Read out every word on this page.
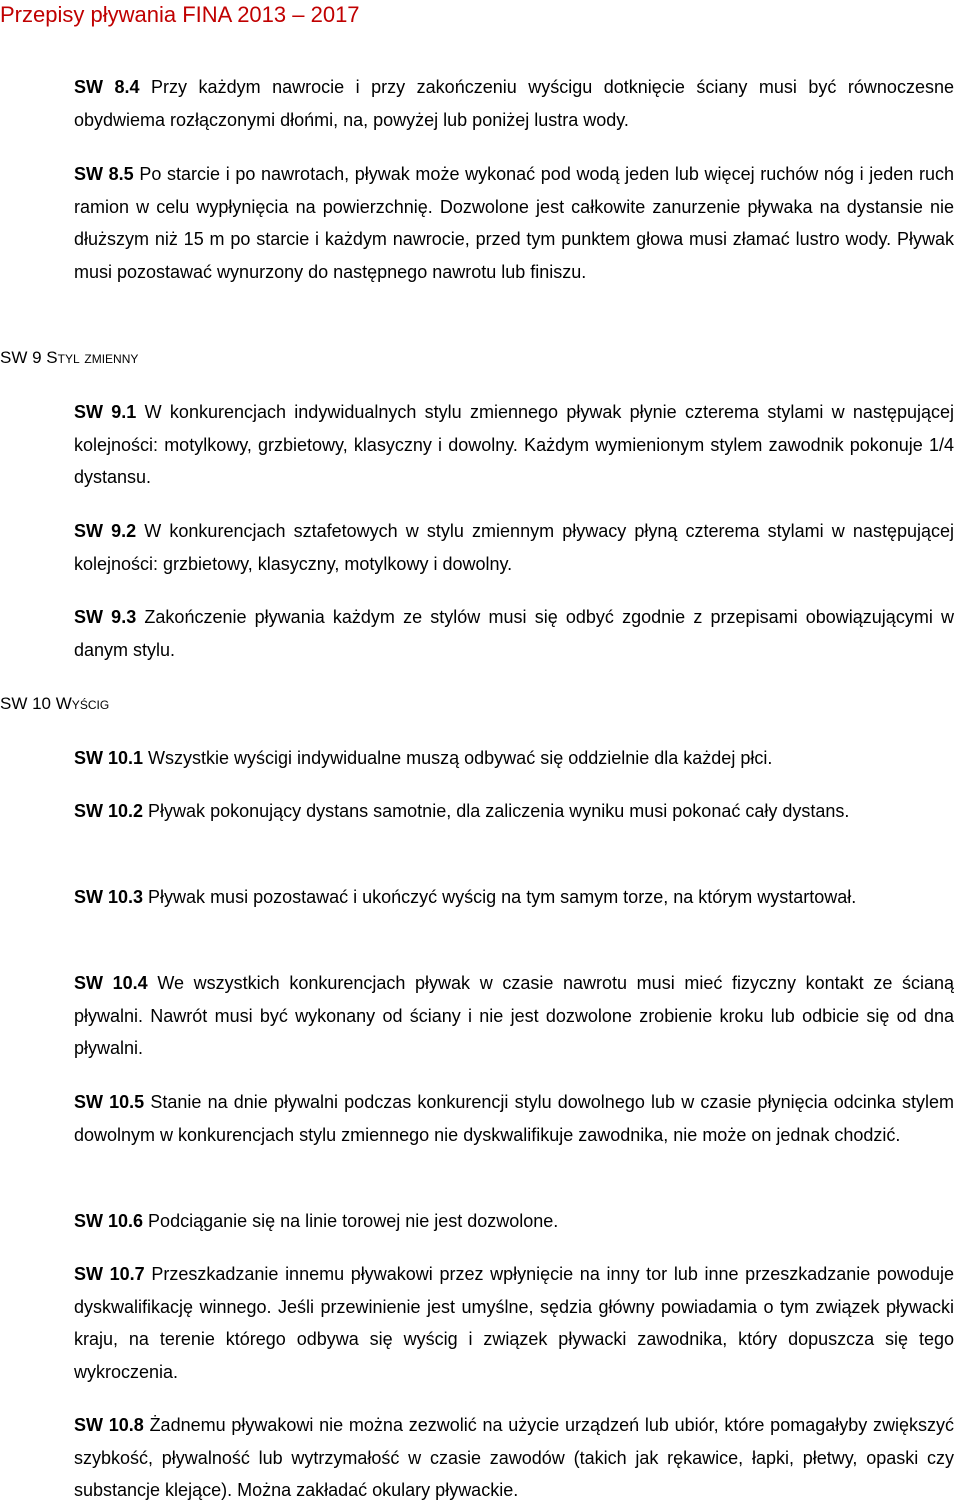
Przepisy pływania FINA 2013 – 2017

SW 8.4 Przy każdym nawrocie i przy zakończeniu wyścigu dotknięcie ściany musi być równoczesne obydwiema rozłączonymi dłońmi, na, powyżej lub poniżej lustra wody.

SW 8.5 Po starcie i po nawrotach, pływak może wykonać pod wodą jeden lub więcej ruchów nóg i jeden ruch ramion w celu wypłynięcia na powierzchnię. Dozwolone jest całkowite zanurzenie pływaka na dystansie nie dłuższym niż 15 m po starcie i każdym nawrocie, przed tym punktem głowa musi złamać lustro wody. Pływak musi pozostawać wynurzony do następnego nawrotu lub finiszu.

SW 9 Styl zmienny

SW 9.1 W konkurencjach indywidualnych stylu zmiennego pływak płynie czterema stylami w następującej kolejności: motylkowy, grzbietowy, klasyczny i dowolny. Każdym wymienionym stylem zawodnik pokonuje 1/4 dystansu.

SW 9.2 W konkurencjach sztafetowych w stylu zmiennym pływacy płyną czterema stylami w następującej kolejności: grzbietowy, klasyczny, motylkowy i dowolny.

SW 9.3 Zakończenie pływania każdym ze stylów musi się odbyć zgodnie z przepisami obowiązującymi w danym stylu.

SW 10 Wyścig

SW 10.1 Wszystkie wyścigi indywidualne muszą odbywać się oddzielnie dla każdej płci.

SW 10.2 Pływak pokonujący dystans samotnie, dla zaliczenia wyniku musi pokonać cały dystans.

SW 10.3 Pływak musi pozostawać i ukończyć wyścig na tym samym torze, na którym wystartował.

SW 10.4 We wszystkich konkurencjach pływak w czasie nawrotu musi mieć fizyczny kontakt ze ścianą pływalni. Nawrót musi być wykonany od ściany i nie jest dozwolone zrobienie kroku lub odbicie się od dna pływalni.

SW 10.5 Stanie na dnie pływalni podczas konkurencji stylu dowolnego lub w czasie płynięcia odcinka stylem dowolnym w konkurencjach stylu zmiennego nie dyskwalifikuje zawodnika, nie może on jednak chodzić.

SW 10.6 Podciąganie się na linie torowej nie jest dozwolone.

SW 10.7 Przeszkadzanie innemu pływakowi przez wpłynięcie na inny tor lub inne przeszkadzanie powoduje dyskwalifikację winnego. Jeśli przewinienie jest umyślne, sędzia główny powiadamia o tym związek pływacki kraju, na terenie którego odbywa się wyścig i związek pływacki zawodnika, który dopuszcza się tego wykroczenia.

SW 10.8 Żadnemu pływakowi nie można zezwolić na użycie urządzeń lub ubiór, które pomagałyby zwiększyć szybkość, pływalność lub wytrzymałość w czasie zawodów (takich jak rękawice, łapki, płetwy, opaski czy substancje klejące). Można zakładać okulary pływackie.
